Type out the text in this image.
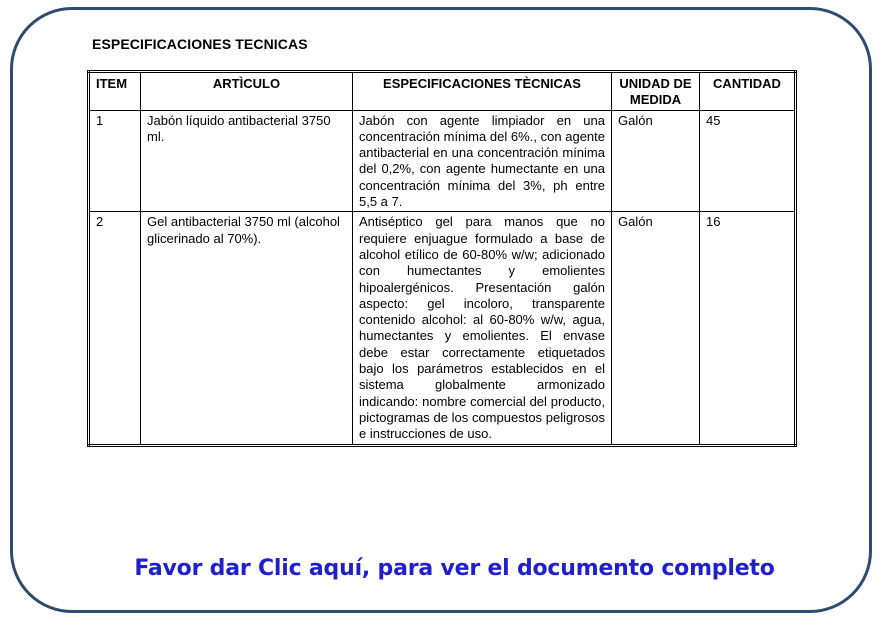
ESPECIFICACIONES TECNICAS
ITEM	ARTÌCULO	ESPECIFICACIONES TÈCNICAS	UNIDAD DE MEDIDA	CANTIDAD
1	Jabón líquido antibacterial 3750 ml.	Jabón con agente limpiador en una concentración mínima del 6%., con agente antibacterial en una concentración mínima del 0,2%, con agente humectante en una concentración mínima del 3%, ph entre 5,5 a 7.	Galón	45
2	Gel antibacterial 3750 ml (alcohol glicerinado al 70%).	Antiséptico gel para manos que no requiere enjuague formulado a base de alcohol etílico de 60-80% w/w; adicionado con humectantes y emolientes hipoalergénicos. Presentación galón aspecto: gel incoloro, transparente contenido alcohol: al 60-80% w/w, agua, humectantes y emolientes. El envase debe estar correctamente etiquetados bajo los parámetros establecidos en el sistema globalmente armonizado indicando: nombre comercial del producto, pictogramas de los compuestos peligrosos e instrucciones de uso.	Galón	16
Favor dar Clic aquí, para ver el documento completo
